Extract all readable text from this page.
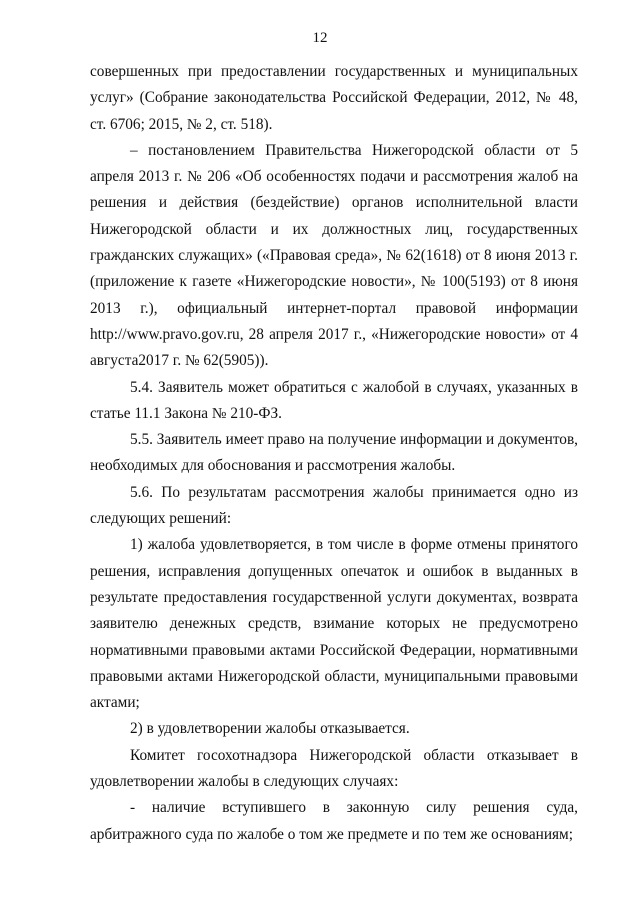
12

совершенных при предоставлении государственных и муниципальных услуг» (Собрание законодательства Российской Федерации, 2012, № 48, ст. 6706; 2015, № 2, ст. 518).

– постановлением Правительства Нижегородской области от 5 апреля 2013 г. № 206 «Об особенностях подачи и рассмотрения жалоб на решения и действия (бездействие) органов исполнительной власти Нижегородской области и их должностных лиц, государственных гражданских служащих» («Правовая среда», № 62(1618) от 8 июня 2013 г. (приложение к газете «Нижегородские новости», № 100(5193) от 8 июня 2013 г.), официальный интернет-портал правовой информации http://www.pravo.gov.ru, 28 апреля 2017 г., «Нижегородские новости» от 4 августа2017 г. № 62(5905)).

5.4. Заявитель может обратиться с жалобой в случаях, указанных в статье 11.1 Закона № 210-ФЗ.

5.5. Заявитель имеет право на получение информации и документов, необходимых для обоснования и рассмотрения жалобы.

5.6. По результатам рассмотрения жалобы принимается одно из следующих решений:

1) жалоба удовлетворяется, в том числе в форме отмены принятого решения, исправления допущенных опечаток и ошибок в выданных в результате предоставления государственной услуги документах, возврата заявителю денежных средств, взимание которых не предусмотрено нормативными правовыми актами Российской Федерации, нормативными правовыми актами Нижегородской области, муниципальными правовыми актами;

2) в удовлетворении жалобы отказывается.

Комитет госохотнадзора Нижегородской области отказывает в удовлетворении жалобы в следующих случаях:

- наличие вступившего в законную силу решения суда, арбитражного суда по жалобе о том же предмете и по тем же основаниям;
